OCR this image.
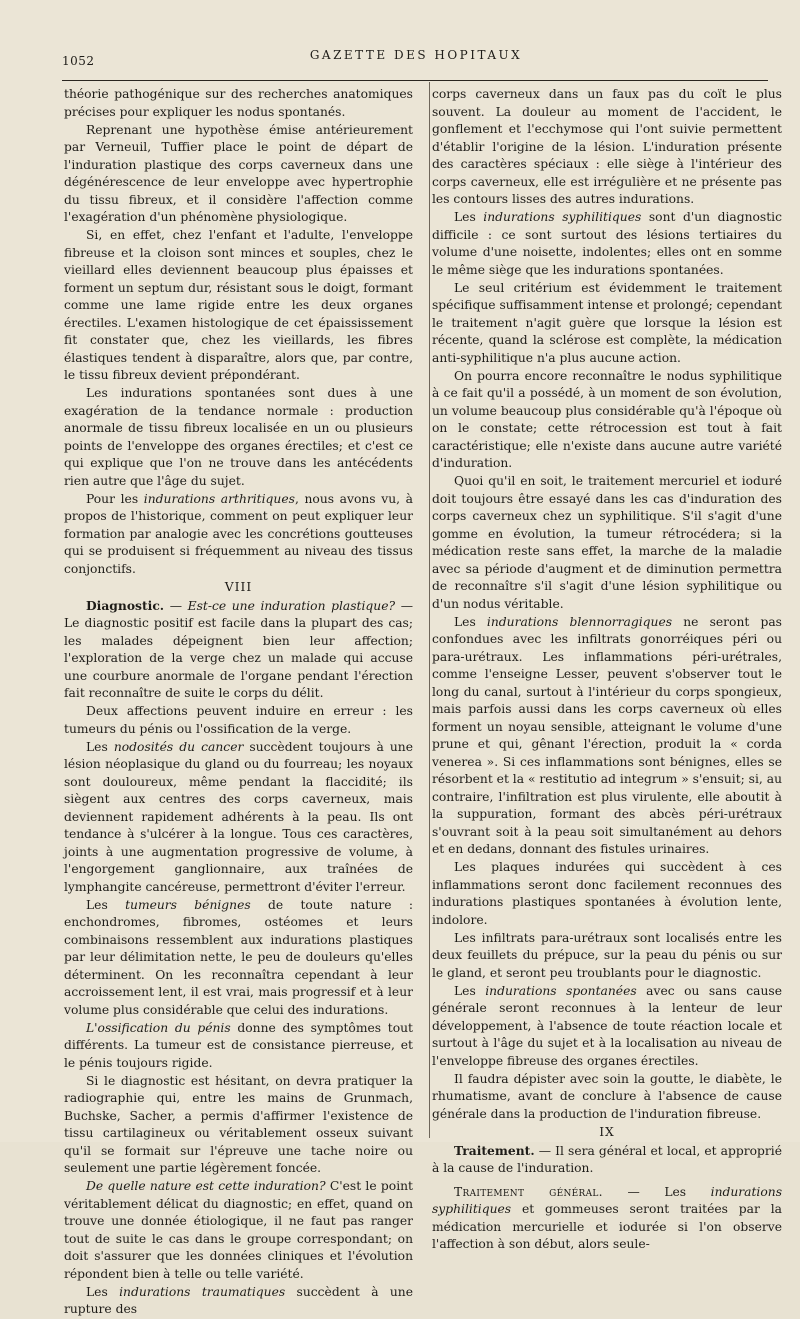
1052	GAZETTE DES HOPITAUX

théorie pathogénique sur des recherches anatomiques précises pour expliquer les nodus spontanés.

Reprenant une hypothèse émise antérieurement par Verneuil, Tuffier place le point de départ de l'induration plastique des corps caverneux dans une dégénérescence de leur enveloppe avec hypertrophie du tissu fibreux, et il considère l'affection comme l'exagération d'un phénomène physiologique.

Si, en effet, chez l'enfant et l'adulte, l'enveloppe fibreuse et la cloison sont minces et souples, chez le vieillard elles deviennent beaucoup plus épaisses et forment un septum dur, résistant sous le doigt, formant comme une lame rigide entre les deux organes érectiles. L'examen histologique de cet épaississement fit constater que, chez les vieillards, les fibres élastiques tendent à disparaître, alors que, par contre, le tissu fibreux devient prépondérant.

Les indurations spontanées sont dues à une exagération de la tendance normale : production anormale de tissu fibreux localisée en un ou plusieurs points de l'enveloppe des organes érectiles; et c'est ce qui explique que l'on ne trouve dans les antécédents rien autre que l'âge du sujet.

Pour les indurations arthritiques, nous avons vu, à propos de l'historique, comment on peut expliquer leur formation par analogie avec les concrétions goutteuses qui se produisent si fréquemment au niveau des tissus conjonctifs.

VIII

Diagnostic. — Est-ce une induration plastique? — Le diagnostic positif est facile dans la plupart des cas; les malades dépeignent bien leur affection; l'exploration de la verge chez un malade qui accuse une courbure anormale de l'organe pendant l'érection fait reconnaître de suite le corps du délit.

Deux affections peuvent induire en erreur : les tumeurs du pénis ou l'ossification de la verge.

Les nodosités du cancer succèdent toujours à une lésion néoplasique du gland ou du fourreau; les noyaux sont douloureux, même pendant la flaccidité; ils siègent aux centres des corps caverneux, mais deviennent rapidement adhérents à la peau. Ils ont tendance à s'ulcérer à la longue. Tous ces caractères, joints à une augmentation progressive de volume, à l'engorgement ganglionnaire, aux traînées de lymphangite cancéreuse, permettront d'éviter l'erreur.

Les tumeurs bénignes de toute nature : enchondromes, fibromes, ostéomes et leurs combinaisons ressemblent aux indurations plastiques par leur délimitation nette, le peu de douleurs qu'elles déterminent. On les reconnaîtra cependant à leur accroissement lent, il est vrai, mais progressif et à leur volume plus considérable que celui des indurations.

L'ossification du pénis donne des symptômes tout différents. La tumeur est de consistance pierreuse, et le pénis toujours rigide.

Si le diagnostic est hésitant, on devra pratiquer la radiographie qui, entre les mains de Grunmach, Buchske, Sacher, a permis d'affirmer l'existence de tissu cartilagineux ou véritablement osseux suivant qu'il se formait sur l'épreuve une tache noire ou seulement une partie légèrement foncée.

De quelle nature est cette induration? C'est le point véritablement délicat du diagnostic; en effet, quand on trouve une donnée étiologique, il ne faut pas ranger tout de suite le cas dans le groupe correspondant; on doit s'assurer que les données cliniques et l'évolution répondent bien à telle ou telle variété.

Les indurations traumatiques succèdent à une rupture des

corps caverneux dans un faux pas du coït le plus souvent. La douleur au moment de l'accident, le gonflement et l'ecchymose qui l'ont suivie permettent d'établir l'origine de la lésion. L'induration présente des caractères spéciaux : elle siège à l'intérieur des corps caverneux, elle est irrégulière et ne présente pas les contours lisses des autres indurations.

Les indurations syphilitiques sont d'un diagnostic difficile : ce sont surtout des lésions tertiaires du volume d'une noisette, indolentes; elles ont en somme le même siège que les indurations spontanées.

Le seul critérium est évidemment le traitement spécifique suffisamment intense et prolongé; cependant le traitement n'agit guère que lorsque la lésion est récente, quand la sclérose est complète, la médication anti-syphilitique n'a plus aucune action.

On pourra encore reconnaître le nodus syphilitique à ce fait qu'il a possédé, à un moment de son évolution, un volume beaucoup plus considérable qu'à l'époque où on le constate; cette rétrocession est tout à fait caractéristique; elle n'existe dans aucune autre variété d'induration.

Quoi qu'il en soit, le traitement mercuriel et ioduré doit toujours être essayé dans les cas d'induration des corps caverneux chez un syphilitique. S'il s'agit d'une gomme en évolution, la tumeur rétrocédera; si la médication reste sans effet, la marche de la maladie avec sa période d'augment et de diminution permettra de reconnaître s'il s'agit d'une lésion syphilitique ou d'un nodus véritable.

Les indurations blennorragiques ne seront pas confondues avec les infiltrats gonorréiques péri ou para-urétraux. Les inflammations péri-urétrales, comme l'enseigne Lesser, peuvent s'observer tout le long du canal, surtout à l'intérieur du corps spongieux, mais parfois aussi dans les corps caverneux où elles forment un noyau sensible, atteignant le volume d'une prune et qui, gênant l'érection, produit la « corda venerea ». Si ces inflammations sont bénignes, elles se résorbent et la « restitutio ad integrum » s'ensuit; si, au contraire, l'infiltration est plus virulente, elle aboutit à la suppuration, formant des abcès péri-urétraux s'ouvrant soit à la peau soit simultanément au dehors et en dedans, donnant des fistules urinaires.

Les plaques indurées qui succèdent à ces inflammations seront donc facilement reconnues des indurations plastiques spontanées à évolution lente, indolore.

Les infiltrats para-urétraux sont localisés entre les deux feuillets du prépuce, sur la peau du pénis ou sur le gland, et seront peu troublants pour le diagnostic.

Les indurations spontanées avec ou sans cause générale seront reconnues à la lenteur de leur développement, à l'absence de toute réaction locale et surtout à l'âge du sujet et à la localisation au niveau de l'enveloppe fibreuse des organes érectiles.

Il faudra dépister avec soin la goutte, le diabète, le rhumatisme, avant de conclure à l'absence de cause générale dans la production de l'induration fibreuse.

IX

Traitement. — Il sera général et local, et approprié à la cause de l'induration.

Traitement général. — Les indurations syphilitiques et gommeuses seront traitées par la médication mercurielle et iodurée si l'on observe l'affection à son début, alors seule-
